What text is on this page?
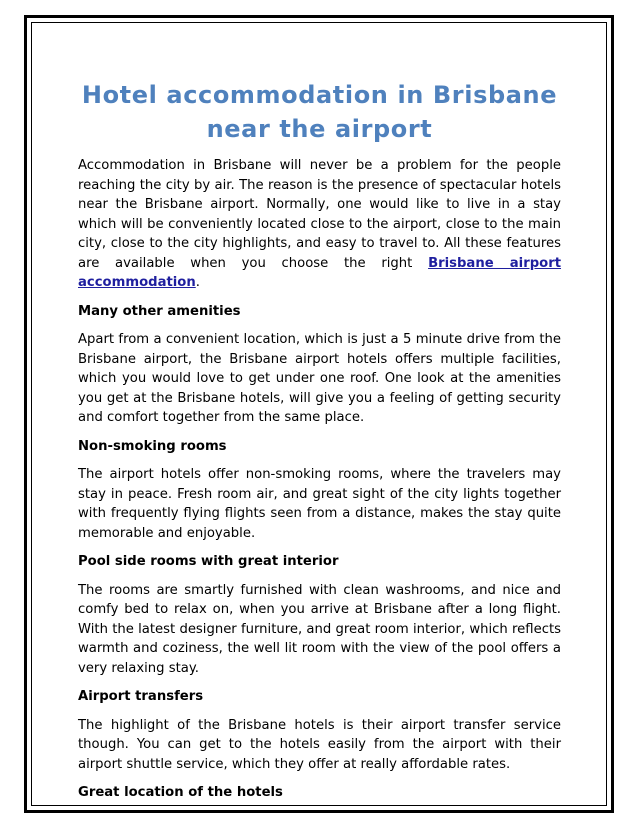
Hotel accommodation in Brisbane
near the airport

Accommodation in Brisbane will never be a problem for the people reaching the city by air. The reason is the presence of spectacular hotels near the Brisbane airport. Normally, one would like to live in a stay which will be conveniently located close to the airport, close to the main city, close to the city highlights, and easy to travel to. All these features are available when you choose the right Brisbane airport accommodation.

Many other amenities

Apart from a convenient location, which is just a 5 minute drive from the Brisbane airport, the Brisbane airport hotels offers multiple facilities, which you would love to get under one roof. One look at the amenities you get at the Brisbane hotels, will give you a feeling of getting security and comfort together from the same place.

Non-smoking rooms

The airport hotels offer non-smoking rooms, where the travelers may stay in peace. Fresh room air, and great sight of the city lights together with frequently flying flights seen from a distance, makes the stay quite memorable and enjoyable.

Pool side rooms with great interior

The rooms are smartly furnished with clean washrooms, and nice and comfy bed to relax on, when you arrive at Brisbane after a long flight. With the latest designer furniture, and great room interior, which reflects warmth and coziness, the well lit room with the view of the pool offers a very relaxing stay.

Airport transfers

The highlight of the Brisbane hotels is their airport transfer service though. You can get to the hotels easily from the airport with their airport shuttle service, which they offer at really affordable rates.

Great location of the hotels
